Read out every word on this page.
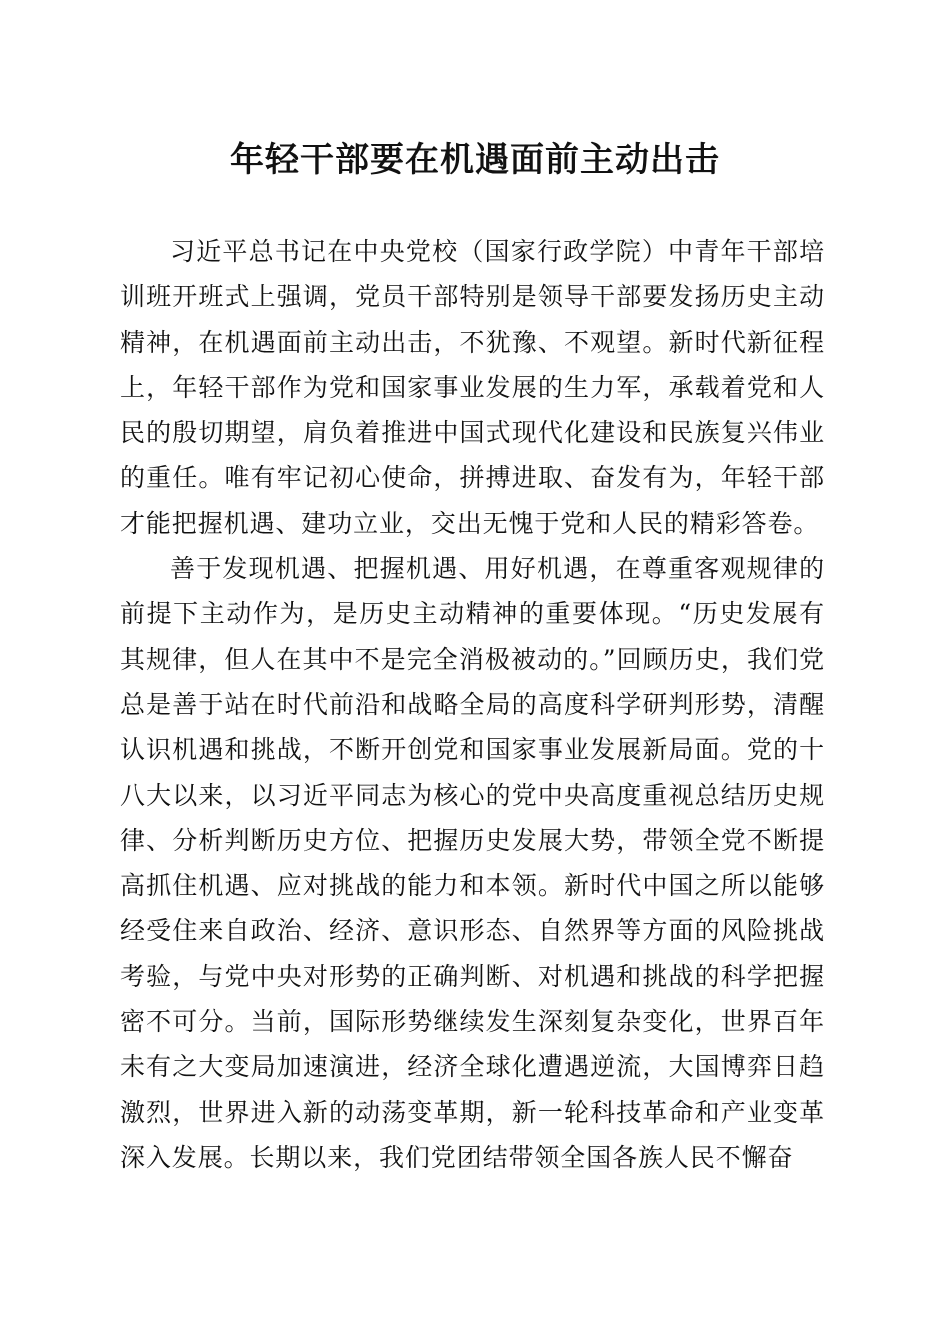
年轻干部要在机遇面前主动出击

习近平总书记在中央党校（国家行政学院）中青年干部培训班开班式上强调，党员干部特别是领导干部要发扬历史主动精神，在机遇面前主动出击，不犹豫、不观望。新时代新征程上，年轻干部作为党和国家事业发展的生力军，承载着党和人民的殷切期望，肩负着推进中国式现代化建设和民族复兴伟业的重任。唯有牢记初心使命，拼搏进取、奋发有为，年轻干部才能把握机遇、建功立业，交出无愧于党和人民的精彩答卷。

善于发现机遇、把握机遇、用好机遇，在尊重客观规律的前提下主动作为，是历史主动精神的重要体现。“历史发展有其规律，但人在其中不是完全消极被动的。”回顾历史，我们党总是善于站在时代前沿和战略全局的高度科学研判形势，清醒认识机遇和挑战，不断开创党和国家事业发展新局面。党的十八大以来，以习近平同志为核心的党中央高度重视总结历史规律、分析判断历史方位、把握历史发展大势，带领全党不断提高抓住机遇、应对挑战的能力和本领。新时代中国之所以能够经受住来自政治、经济、意识形态、自然界等方面的风险挑战考验，与党中央对形势的正确判断、对机遇和挑战的科学把握密不可分。当前，国际形势继续发生深刻复杂变化，世界百年未有之大变局加速演进，经济全球化遭遇逆流，大国博弈日趋激烈，世界进入新的动荡变革期，新一轮科技革命和产业变革深入发展。长期以来，我们党团结带领全国各族人民不懈奋
